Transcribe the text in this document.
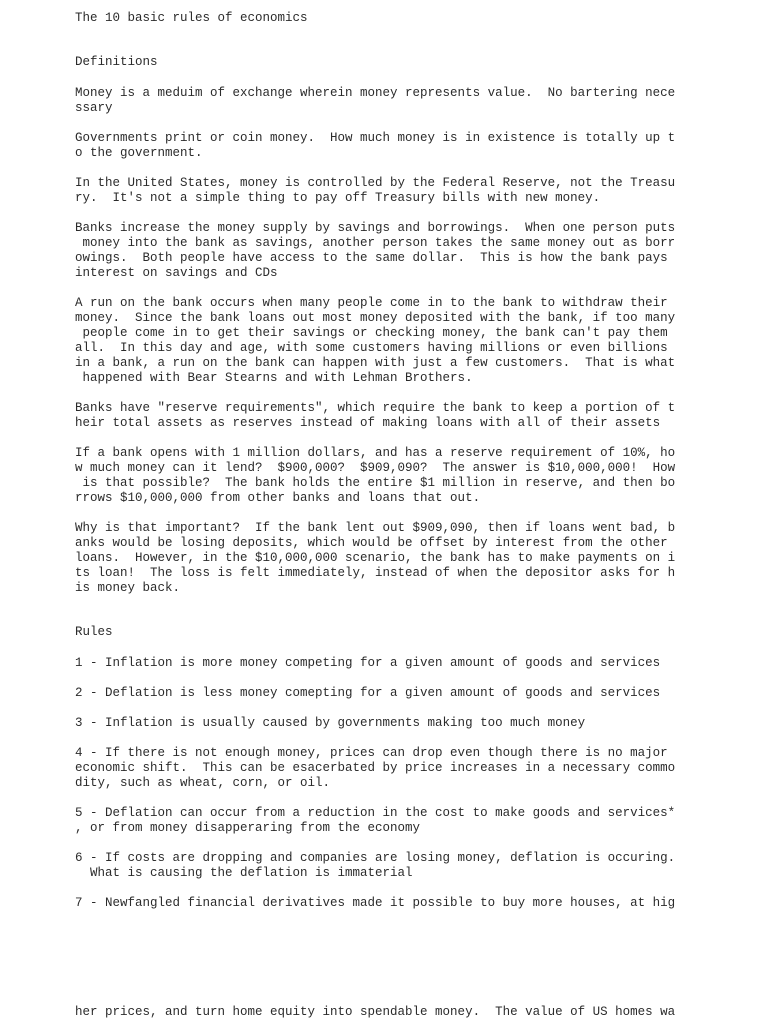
The 10 basic rules of economics
Definitions
Money is a meduim of exchange wherein money represents value.  No bartering nece
ssary
Governments print or coin money.  How much money is in existence is totally up t
o the government.
In the United States, money is controlled by the Federal Reserve, not the Treasu
ry.  It's not a simple thing to pay off Treasury bills with new money.
Banks increase the money supply by savings and borrowings.  When one person puts
money into the bank as savings, another person takes the same money out as borr
owings.  Both people have access to the same dollar.  This is how the bank pays
interest on savings and CDs
A run on the bank occurs when many people come in to the bank to withdraw their
money.  Since the bank loans out most money deposited with the bank, if too many
people come in to get their savings or checking money, the bank can't pay them
all.  In this day and age, with some customers having millions or even billions
in a bank, a run on the bank can happen with just a few customers.  That is what
happened with Bear Stearns and with Lehman Brothers.
Banks have "reserve requirements", which require the bank to keep a portion of t
heir total assets as reserves instead of making loans with all of their assets
If a bank opens with 1 million dollars, and has a reserve requirement of 10%, ho
w much money can it lend?  $900,000?  $909,090?  The answer is $10,000,000!  How
is that possible?  The bank holds the entire $1 million in reserve, and then bo
rrows $10,000,000 from other banks and loans that out.
Why is that important?  If the bank lent out $909,090, then if loans went bad, b
anks would be losing deposits, which would be offset by interest from the other
loans.  However, in the $10,000,000 scenario, the bank has to make payments on i
ts loan!  The loss is felt immediately, instead of when the depositor asks for h
is money back.
Rules
1 - Inflation is more money competing for a given amount of goods and services
2 - Deflation is less money comepting for a given amount of goods and services
3 - Inflation is usually caused by governments making too much money
4 - If there is not enough money, prices can drop even though there is no major
economic shift.  This can be esacerbated by price increases in a necessary commo
dity, such as wheat, corn, or oil.
5 - Deflation can occur from a reduction in the cost to make goods and services*
, or from money disapperaring from the economy
6 - If costs are dropping and companies are losing money, deflation is occuring.
What is causing the deflation is immaterial
7 - Newfangled financial derivatives made it possible to buy more houses, at hig
her prices, and turn home equity into spendable money.  The value of US homes wa
